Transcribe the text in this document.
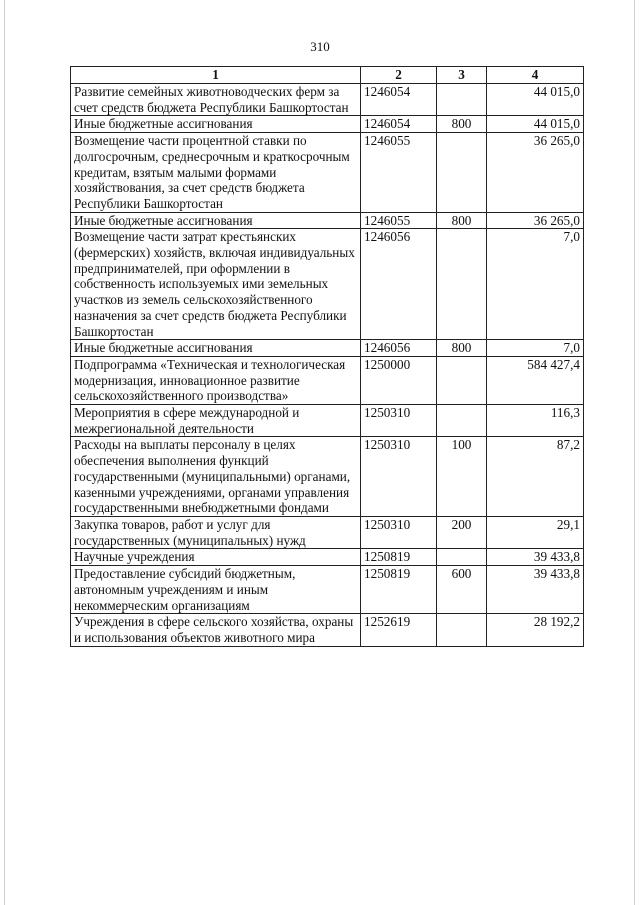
310
1	2	3	4
Развитие семейных животноводческих ферм за счет средств бюджета Республики Башкортостан	1246054		44 015,0
Иные бюджетные ассигнования	1246054	800	44 015,0
Возмещение части процентной ставки по долгосрочным, среднесрочным и краткосрочным кредитам, взятым малыми формами хозяйствования, за счет средств бюджета Республики Башкортостан	1246055		36 265,0
Иные бюджетные ассигнования	1246055	800	36 265,0
Возмещение части затрат крестьянских (фермерских) хозяйств, включая индивидуальных предпринимателей, при оформлении в собственность используемых ими земельных участков из земель сельскохозяйственного назначения за счет средств бюджета Республики Башкортостан	1246056		7,0
Иные бюджетные ассигнования	1246056	800	7,0
Подпрограмма «Техническая и технологическая модернизация, инновационное развитие сельскохозяйственного производства»	1250000		584 427,4
Мероприятия в сфере международной и межрегиональной деятельности	1250310		116,3
Расходы на выплаты персоналу в целях обеспечения выполнения функций государственными (муниципальными) органами, казенными учреждениями, органами управления государственными внебюджетными фондами	1250310	100	87,2
Закупка товаров, работ и услуг для государственных (муниципальных) нужд	1250310	200	29,1
Научные учреждения	1250819		39 433,8
Предоставление субсидий бюджетным, автономным учреждениям и иным некоммерческим организациям	1250819	600	39 433,8
Учреждения в сфере сельского хозяйства, охраны и использования объектов животного мира	1252619		28 192,2
